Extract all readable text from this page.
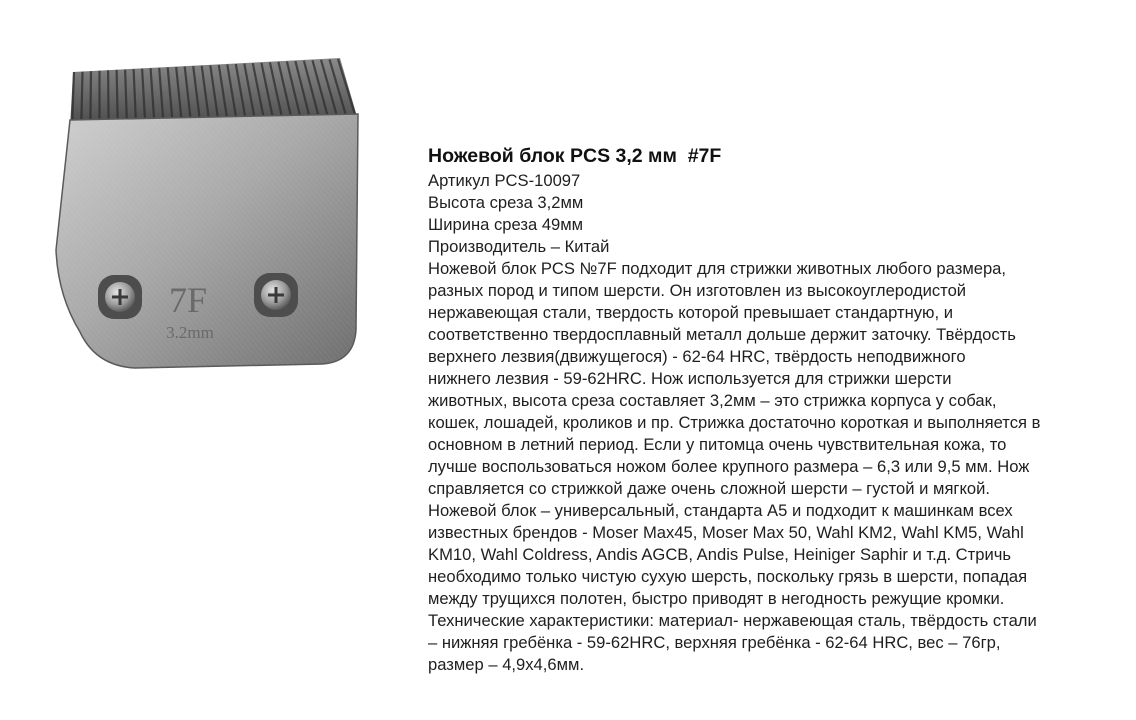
7F
3.2mm
Ножевой блок PCS 3,2 мм  #7F
Артикул PCS-10097
Высота среза 3,2мм
Ширина среза 49мм
Производитель – Китай
Ножевой блок PCS №7F подходит для стрижки животных любого размера,
разных пород и типом шерсти. Он изготовлен из высокоуглеродистой
нержавеющая стали, твердость которой превышает стандартную, и
соответственно твердосплавный металл дольше держит заточку. Твёрдость
верхнего лезвия(движущегося) - 62-64 HRC, твёрдость неподвижного
нижнего лезвия - 59-62HRC. Нож используется для стрижки шерсти
животных, высота среза составляет 3,2мм – это стрижка корпуса у собак,
кошек, лошадей, кроликов и пр. Стрижка достаточно короткая и выполняется в
основном в летний период. Если у питомца очень чувствительная кожа, то
лучше воспользоваться ножом более крупного размера – 6,3 или 9,5 мм. Нож
справляется со стрижкой даже очень сложной шерсти – густой и мягкой.
Ножевой блок – универсальный, стандарта А5 и подходит к машинкам всех
известных брендов - Moser Max45, Moser Max 50, Wahl KM2, Wahl KM5, Wahl
KM10, Wahl Coldress, Andis AGCB, Andis Pulse, Heiniger Saphir и т.д. Стричь
необходимо только чистую сухую шерсть, поскольку грязь в шерсти, попадая
между трущихся полотен, быстро приводят в негодность режущие кромки.
Технические характеристики: материал- нержавеющая сталь, твёрдость стали
– нижняя гребёнка - 59-62HRC, верхняя гребёнка - 62-64 HRC, вес – 76гр,
размер – 4,9х4,6мм.
